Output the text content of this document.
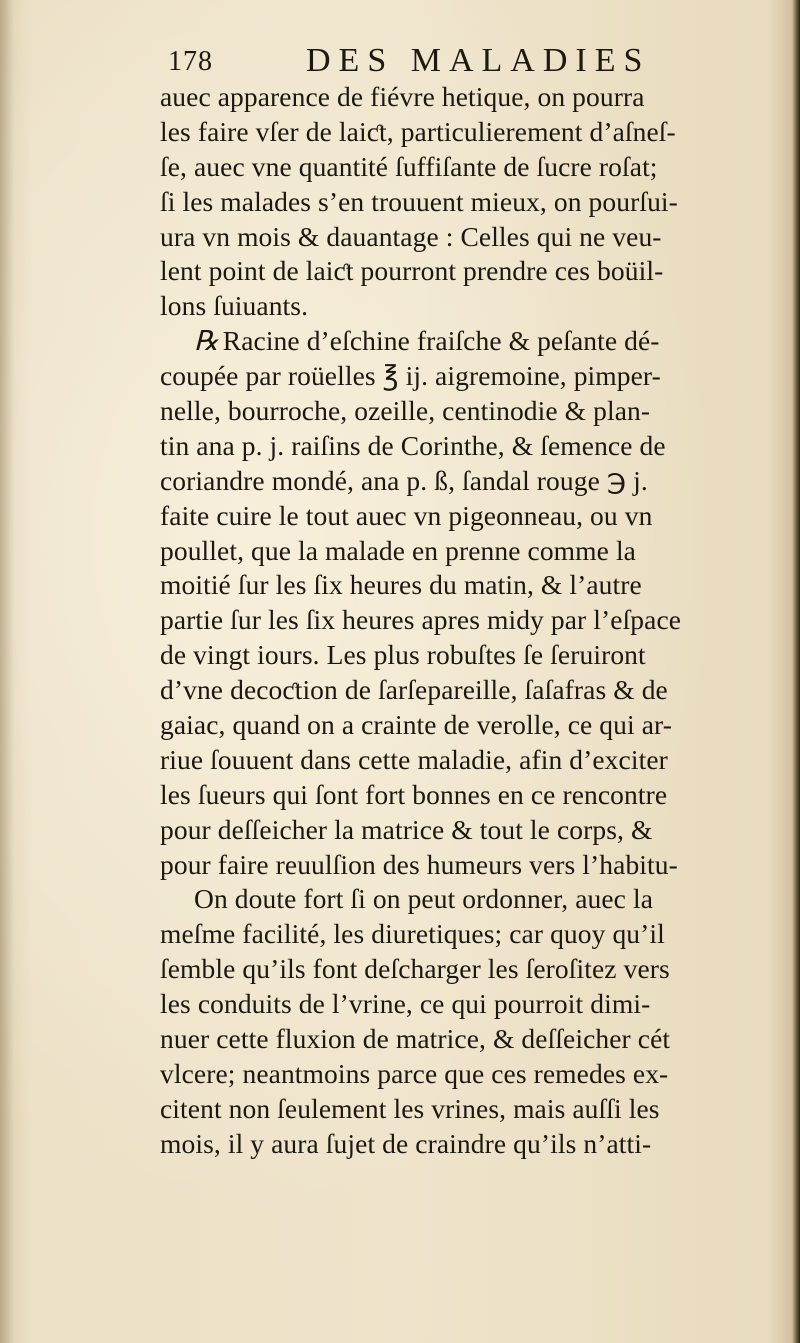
178	DES MALADIES
auec apparence de fiévre hetique, on pourra
les faire vſer de laiƈt, particulierement d’aſneſ-
ſe, auec vne quantité ſuffiſante de ſucre roſat;
ſi les malades s’en trouuent mieux, on pourſui-
ura vn mois & dauantage : Celles qui ne veu-
lent point de laiƈt pourront prendre ces boüil-
lons ſuiuants.
℞ Racine d’eſchine fraiſche & peſante dé-
coupée par roüelles ℥ ij. aigremoine, pimper-
nelle, bourroche, ozeille, centinodie & plan-
tin ana p. j. raiſins de Corinthe, & ſemence de
coriandre mondé, ana p. ß, ſandal rouge ℈ j.
faite cuire le tout auec vn pigeonneau, ou vn
poullet, que la malade en prenne comme la
moitié ſur les ſix heures du matin, & l’autre
partie ſur les ſix heures apres midy par l’eſpace
de vingt iours. Les plus robuſtes ſe ſeruiront
d’vne decoƈtion de ſarſepareille, ſaſafras & de
gaiac, quand on a crainte de verolle, ce qui ar-
riue ſouuent dans cette maladie, afin d’exciter
les ſueurs qui ſont fort bonnes en ce rencontre
pour deſſeicher la matrice & tout le corps, &
pour faire reuulſion des humeurs vers l’habitu-
On doute fort ſi on peut ordonner, auec la
meſme facilité, les diuretiques; car quoy qu’il
ſemble qu’ils font deſcharger les ſeroſitez vers
les conduits de l’vrine, ce qui pourroit dimi-
nuer cette fluxion de matrice, & deſſeicher cét
vlcere; neantmoins parce que ces remedes ex-
citent non ſeulement les vrines, mais auſſi les
mois, il y aura ſujet de craindre qu’ils n’atti-
